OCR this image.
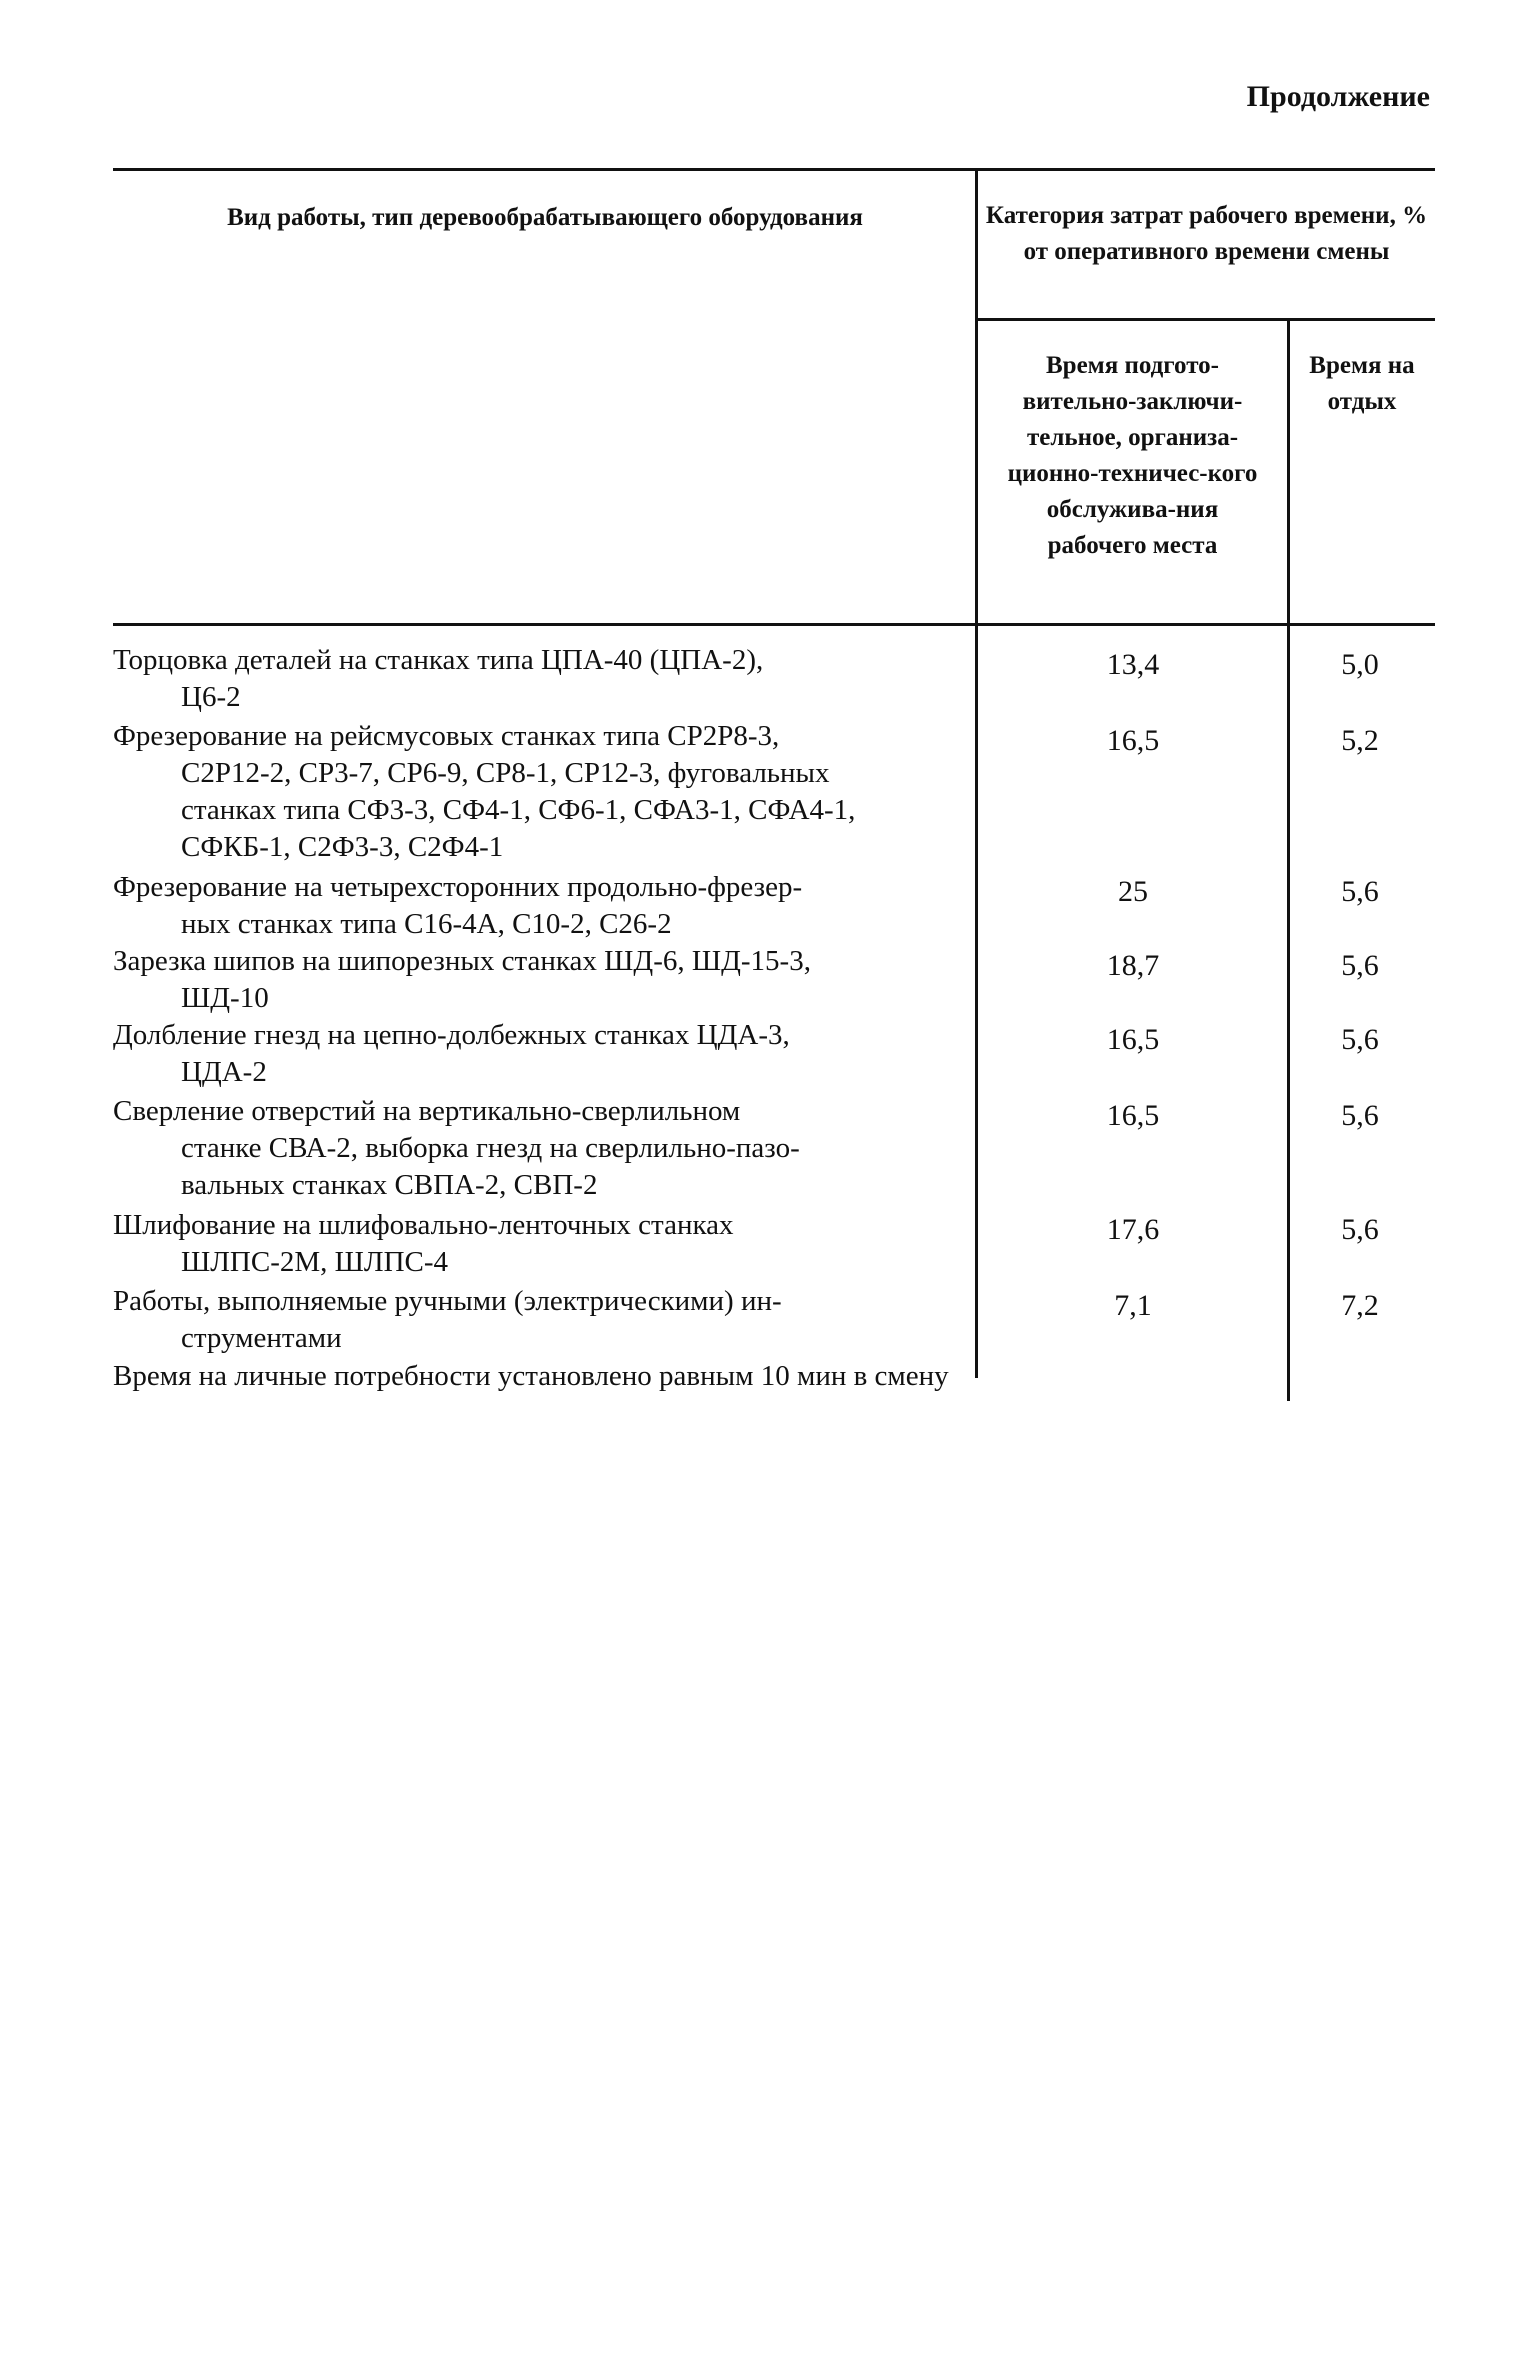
Продолжение
Вид работы, тип деревообрабатывающего оборудования	Категория затрат рабочего времени, % от оперативного времени смены
Время подгото-вительно-заключи-тельное, организа-ционно-техничес-кого обслужива-ния рабочего места
Время на отдых
Торцовка деталей на станках типа ЦПА-40 (ЦПА-2),
Ц6-2
13,4	5,0
Фрезерование на рейсмусовых станках типа СР2Р8-3,
С2Р12-2, СР3-7, СР6-9, СР8-1, СР12-3, фуговальных
станках типа СФ3-3, СФ4-1, СФ6-1, СФА3-1, СФА4-1,
СФКБ-1, С2Ф3-3, С2Ф4-1
16,5	5,2
Фрезерование на четырехсторонних продольно-фрезер-
ных станках типа С16-4А, С10-2, С26-2
25	5,6
Зарезка шипов на шипорезных станках ШД-6, ШД-15-3,
ШД-10
18,7	5,6
Долбление гнезд на цепно-долбежных станках ЦДА-3,
ЦДА-2
16,5	5,6
Сверление отверстий на вертикально-сверлильном
станке СВА-2, выборка гнезд на сверлильно-пазо-
вальных станках СВПА-2, СВП-2
16,5	5,6
Шлифование на шлифовально-ленточных станках
ШЛПС-2М, ШЛПС-4
17,6	5,6
Работы, выполняемые ручными (электрическими) ин-
струментами
7,1	7,2
Время на личные потребности установлено равным 10 мин в смену
